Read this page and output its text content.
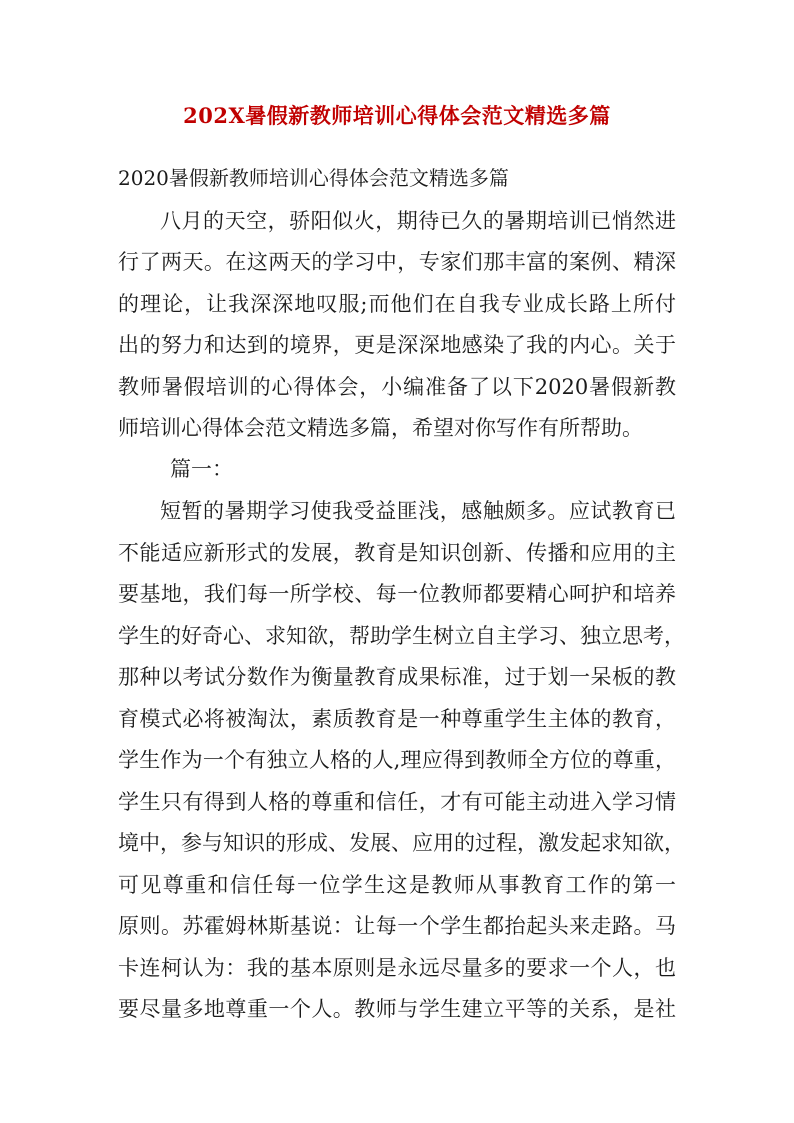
202X暑假新教师培训心得体会范文精选多篇
2020暑假新教师培训心得体会范文精选多篇
八月的天空，骄阳似火，期待已久的暑期培训已悄然进
行了两天。在这两天的学习中，专家们那丰富的案例、精深
的理论，让我深深地叹服;而他们在自我专业成长路上所付
出的努力和达到的境界，更是深深地感染了我的内心。关于
教师暑假培训的心得体会，小编准备了以下2020暑假新教
师培训心得体会范文精选多篇，希望对你写作有所帮助。
篇一：
短暂的暑期学习使我受益匪浅，感触颇多。应试教育已
不能适应新形式的发展，教育是知识创新、传播和应用的主
要基地，我们每一所学校、每一位教师都要精心呵护和培养
学生的好奇心、求知欲，帮助学生树立自主学习、独立思考，
那种以考试分数作为衡量教育成果标准，过于划一呆板的教
育模式必将被淘汰，素质教育是一种尊重学生主体的教育，
学生作为一个有独立人格的人,理应得到教师全方位的尊重，
学生只有得到人格的尊重和信任，才有可能主动进入学习情
境中，参与知识的形成、发展、应用的过程，激发起求知欲，
可见尊重和信任每一位学生这是教师从事教育工作的第一
原则。苏霍姆林斯基说：让每一个学生都抬起头来走路。马
卡连柯认为：我的基本原则是永远尽量多的要求一个人，也
要尽量多地尊重一个人。教师与学生建立平等的关系，是社
